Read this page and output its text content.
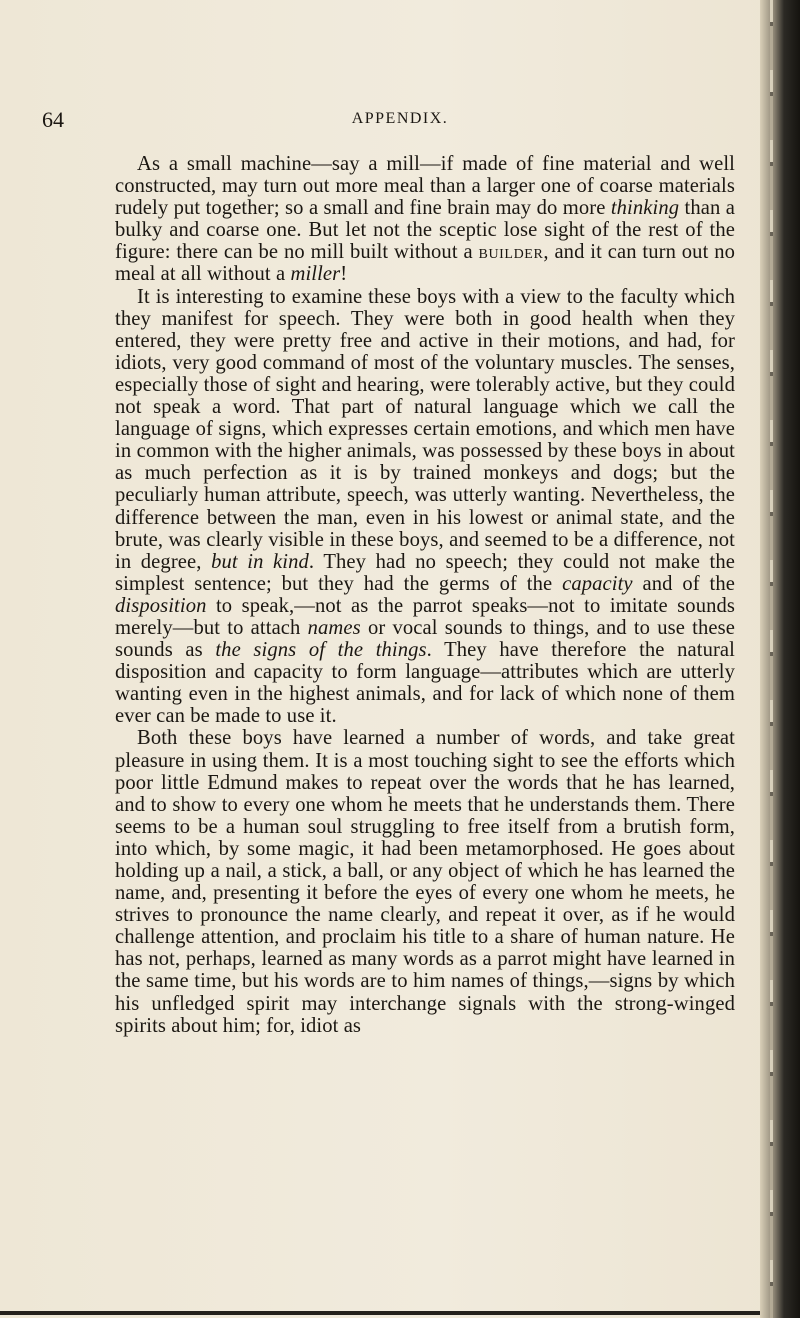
64	APPENDIX.

As a small machine—say a mill—if made of fine material and well constructed, may turn out more meal than a larger one of coarse materials rudely put together; so a small and fine brain may do more thinking than a bulky and coarse one. But let not the sceptic lose sight of the rest of the figure: there can be no mill built without a builder, and it can turn out no meal at all without a miller!

It is interesting to examine these boys with a view to the faculty which they manifest for speech. They were both in good health when they entered, they were pretty free and active in their motions, and had, for idiots, very good command of most of the voluntary muscles. The senses, especially those of sight and hearing, were tolerably active, but they could not speak a word. That part of natural language which we call the language of signs, which expresses certain emotions, and which men have in common with the higher animals, was possessed by these boys in about as much perfection as it is by trained monkeys and dogs; but the peculiarly human attribute, speech, was utterly wanting. Nevertheless, the difference between the man, even in his lowest or animal state, and the brute, was clearly visible in these boys, and seemed to be a difference, not in degree, but in kind. They had no speech; they could not make the simplest sentence; but they had the germs of the capacity and of the disposition to speak,—not as the parrot speaks—not to imitate sounds merely—but to attach names or vocal sounds to things, and to use these sounds as the signs of the things. They have therefore the natural disposition and capacity to form language—attributes which are utterly wanting even in the highest animals, and for lack of which none of them ever can be made to use it.

Both these boys have learned a number of words, and take great pleasure in using them. It is a most touching sight to see the efforts which poor little Edmund makes to repeat over the words that he has learned, and to show to every one whom he meets that he understands them. There seems to be a human soul struggling to free itself from a brutish form, into which, by some magic, it had been metamorphosed. He goes about holding up a nail, a stick, a ball, or any object of which he has learned the name, and, presenting it before the eyes of every one whom he meets, he strives to pronounce the name clearly, and repeat it over, as if he would challenge attention, and proclaim his title to a share of human nature. He has not, perhaps, learned as many words as a parrot might have learned in the same time, but his words are to him names of things,—signs by which his unfledged spirit may interchange signals with the strong-winged spirits about him; for, idiot as
